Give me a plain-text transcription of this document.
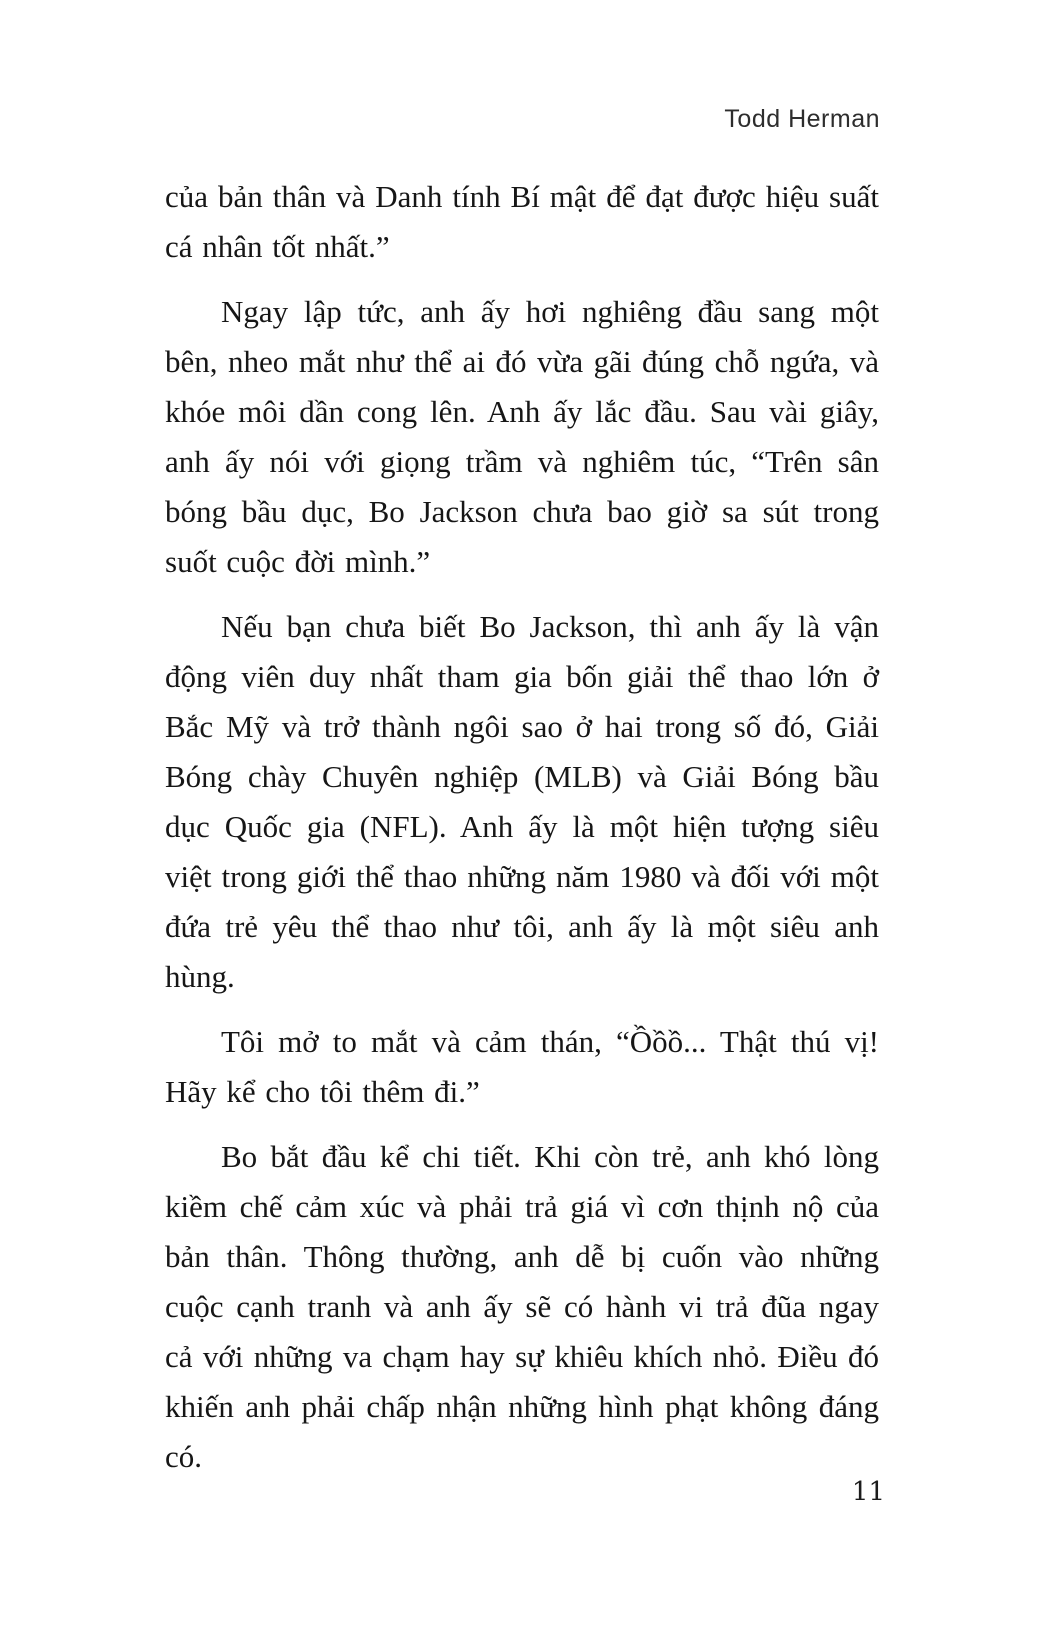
Todd Herman

của bản thân và Danh tính Bí mật để đạt được hiệu suất cá nhân tốt nhất.”

Ngay lập tức, anh ấy hơi nghiêng đầu sang một bên, nheo mắt như thể ai đó vừa gãi đúng chỗ ngứa, và khóe môi dần cong lên. Anh ấy lắc đầu. Sau vài giây, anh ấy nói với giọng trầm và nghiêm túc, “Trên sân bóng bầu dục, Bo Jackson chưa bao giờ sa sút trong suốt cuộc đời mình.”

Nếu bạn chưa biết Bo Jackson, thì anh ấy là vận động viên duy nhất tham gia bốn giải thể thao lớn ở Bắc Mỹ và trở thành ngôi sao ở hai trong số đó, Giải Bóng chày Chuyên nghiệp (MLB) và Giải Bóng bầu dục Quốc gia (NFL). Anh ấy là một hiện tượng siêu việt trong giới thể thao những năm 1980 và đối với một đứa trẻ yêu thể thao như tôi, anh ấy là một siêu anh hùng.

Tôi mở to mắt và cảm thán, “Ồồồ... Thật thú vị! Hãy kể cho tôi thêm đi.”

Bo bắt đầu kể chi tiết. Khi còn trẻ, anh khó lòng kiềm chế cảm xúc và phải trả giá vì cơn thịnh nộ của bản thân. Thông thường, anh dễ bị cuốn vào những cuộc cạnh tranh và anh ấy sẽ có hành vi trả đũa ngay cả với những va chạm hay sự khiêu khích nhỏ. Điều đó khiến anh phải chấp nhận những hình phạt không đáng có.

11
